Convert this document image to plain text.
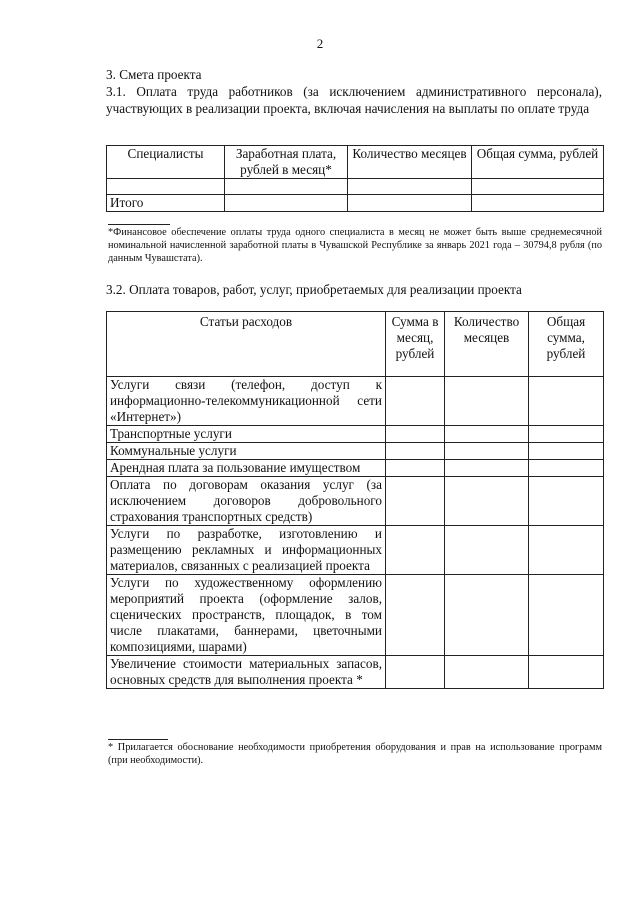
2
3. Смета проекта
3.1. Оплата труда работников (за исключением административного персонала), участвующих в реализации проекта, включая начисления на выплаты по оплате труда
Специалисты	Заработная плата, рублей в месяц*	Количество месяцев	Общая сумма, рублей

Итого			
*Финансовое обеспечение оплаты труда одного специалиста в месяц не может быть выше среднемесячной номинальной начисленной заработной платы в Чувашской Республике за январь 2021 года – 30794,8 рубля (по данным Чувашстата).
3.2. Оплата товаров, работ, услуг, приобретаемых для реализации проекта
Статьи расходов	Сумма в месяц, рублей	Количество месяцев	Общая сумма, рублей
Услуги связи (телефон, доступ к информационно-телекоммуникационной сети «Интернет»)			
Транспортные услуги			
Коммунальные услуги			
Арендная плата за пользование имуществом			
Оплата по договорам оказания услуг (за исключением договоров добровольного страхования транспортных средств)			
Услуги по разработке, изготовлению и размещению рекламных и информационных материалов, связанных с реализацией проекта			
Услуги по художественному оформлению мероприятий проекта (оформление залов, сценических пространств, площадок, в том числе плакатами, баннерами, цветочными композициями, шарами)			
Увеличение стоимости материальных запасов, основных средств для выполнения проекта *			
* Прилагается обоснование необходимости приобретения оборудования и прав на использование программ (при необходимости).
